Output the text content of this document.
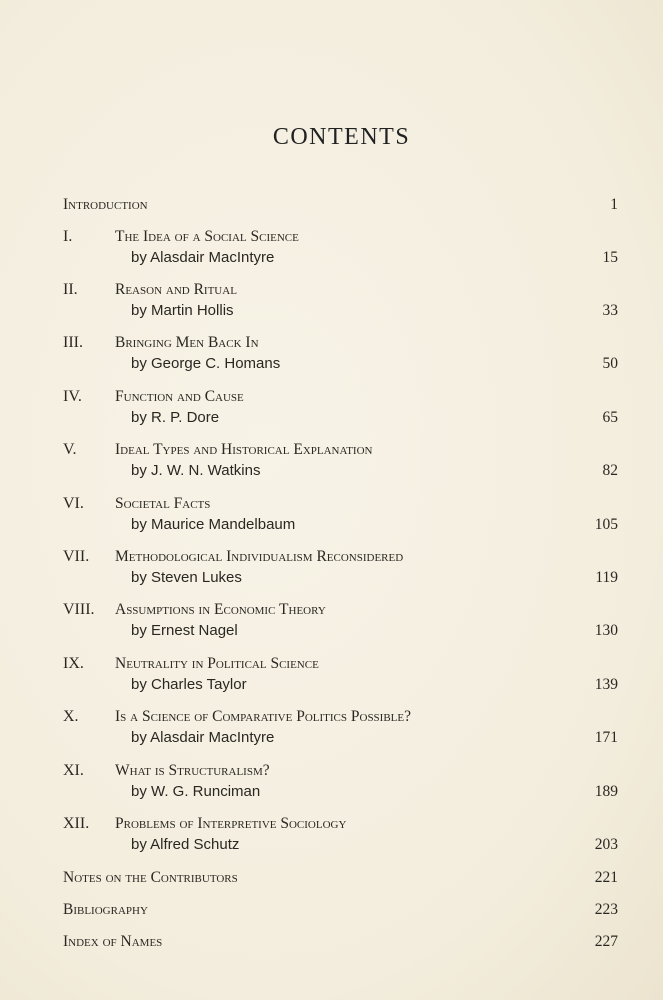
CONTENTS
Introduction	1
I.	The Idea of a Social Science
by Alasdair MacIntyre	15
II. Reason and Ritual
by Martin Hollis	33
III. Bringing Men Back In
by George C. Homans	50
IV. Function and Cause
by R. P. Dore	65
V. Ideal Types and Historical Explanation
by J. W. N. Watkins	82
VI. Societal Facts
by Maurice Mandelbaum	105
VII. Methodological Individualism Reconsidered
by Steven Lukes	119
VIII. Assumptions in Economic Theory
by Ernest Nagel	130
IX. Neutrality in Political Science
by Charles Taylor	139
X. Is a Science of Comparative Politics Possible?
by Alasdair MacIntyre	171
XI. What is Structuralism?
by W. G. Runciman	189
XII. Problems of Interpretive Sociology
by Alfred Schutz	203
Notes on the Contributors	221
Bibliography	223
Index of Names	227
